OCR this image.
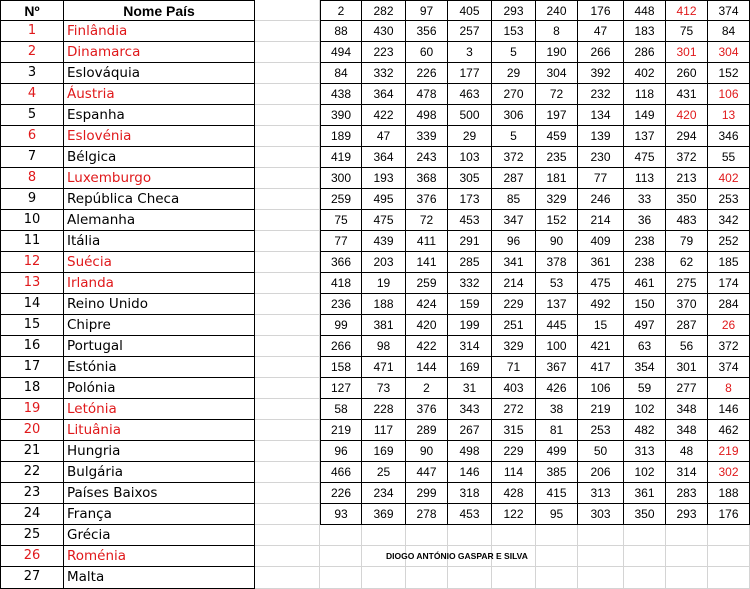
Nº	Nome País	2	282	97	405	293	240	176	448	412	374
1	Finlândia	88	430	356	257	153	8	47	183	75	84
2	Dinamarca	494	223	60	3	5	190	266	286	301	304
3	Eslováquia	84	332	226	177	29	304	392	402	260	152
4	Áustria	438	364	478	463	270	72	232	118	431	106
5	Espanha	390	422	498	500	306	197	134	149	420	13
6	Eslovénia	189	47	339	29	5	459	139	137	294	346
7	Bélgica	419	364	243	103	372	235	230	475	372	55
8	Luxemburgo	300	193	368	305	287	181	77	113	213	402
9	República Checa	259	495	376	173	85	329	246	33	350	253
10	Alemanha	75	475	72	453	347	152	214	36	483	342
11	Itália	77	439	411	291	96	90	409	238	79	252
12	Suécia	366	203	141	285	341	378	361	238	62	185
13	Irlanda	418	19	259	332	214	53	475	461	275	174
14	Reino Unido	236	188	424	159	229	137	492	150	370	284
15	Chipre	99	381	420	199	251	445	15	497	287	26
16	Portugal	266	98	422	314	329	100	421	63	56	372
17	Estónia	158	471	144	169	71	367	417	354	301	374
18	Polónia	127	73	2	31	403	426	106	59	277	8
19	Letónia	58	228	376	343	272	38	219	102	348	146
20	Lituânia	219	117	289	267	315	81	253	482	348	462
21	Hungria	96	169	90	498	229	499	50	313	48	219
22	Bulgária	466	25	447	146	114	385	206	102	314	302
23	Países Baixos	226	234	299	318	428	415	313	361	283	188
24	França	93	369	278	453	122	95	303	350	293	176
25	Grécia
26	Roménia
27	Malta
DIOGO ANTÓNIO GASPAR E SILVA
